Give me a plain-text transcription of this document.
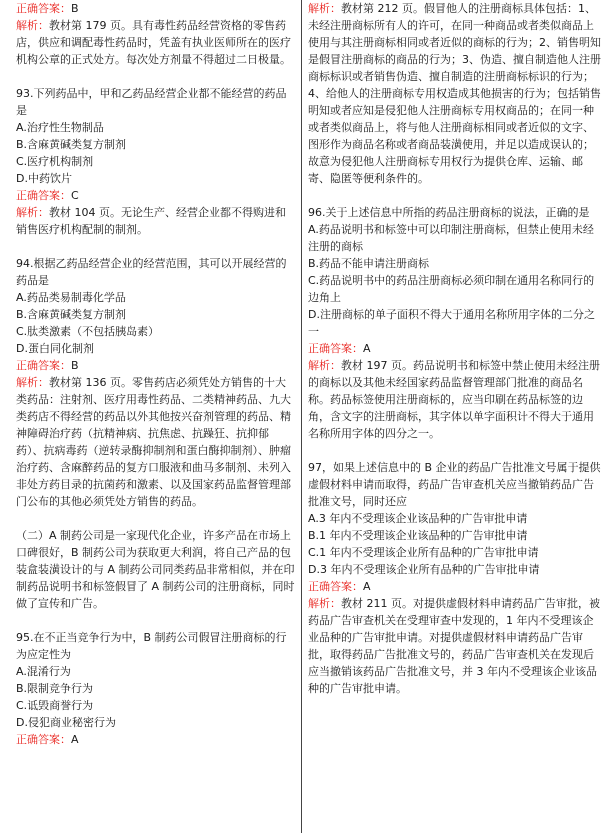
正确答案：B

解析：教材第 179 页。具有毒性药品经营资格的零售药店，供应和调配毒性药品时，凭盖有执业医师所在的医疗机构公章的正式处方。每次处方剂量不得超过二日极量。

93.下列药品中，甲和乙药品经营企业都不能经营的药品是

A.治疗性生物制品

B.含麻黄碱类复方制剂

C.医疗机构制剂

D.中药饮片

正确答案：C

解析：教材 104 页。无论生产、经营企业都不得购进和销售医疗机构配制的制剂。

94.根据乙药品经营企业的经营范围，其可以开展经营的药品是

A.药品类易制毒化学品

B.含麻黄碱类复方制剂

C.肽类激素（不包括胰岛素）

D.蛋白同化制剂

正确答案：B

解析：教材第 136 页。零售药店必须凭处方销售的十大类药品：注射剂、医疗用毒性药品、二类精神药品、九大类药店不得经营的药品以外其他按兴奋剂管理的药品、精神障碍治疗药（抗精神病、抗焦虑、抗躁狂、抗抑郁药）、抗病毒药（逆转录酶抑制剂和蛋白酶抑制剂）、肿瘤治疗药、含麻醉药品的复方口服液和曲马多制剂、未列入非处方药目录的抗菌药和激素、以及国家药品监督管理部门公布的其他必须凭处方销售的药品。

（二）A 制药公司是一家现代化企业，许多产品在市场上口碑很好，B 制药公司为获取更大利润，将自己产品的包装盒装潢设计的与 A 制药公司同类药品非常相似，并在印制药品说明书和标签假冒了 A 制药公司的注册商标，同时做了宣传和广告。

95.在不正当竞争行为中，B 制药公司假冒注册商标的行为应定性为

A.混淆行为

B.限制竞争行为

C.诋毁商誉行为

D.侵犯商业秘密行为

正确答案：A

解析：教材第 212 页。假冒他人的注册商标具体包括：1、未经注册商标所有人的许可，在同一种商品或者类似商品上使用与其注册商标相同或者近似的商标的行为；2、销售明知是假冒注册商标的商品的行为；3、伪造、擅自制造他人注册商标标识或者销售伪造、擅自制造的注册商标标识的行为；4、给他人的注册商标专用权造成其他损害的行为；包括销售明知或者应知是侵犯他人注册商标专用权商品的；在同一种或者类似商品上，将与他人注册商标相同或者近似的文字、图形作为商品名称或者商品装潢使用，并足以造成误认的；故意为侵犯他人注册商标专用权行为提供仓库、运输、邮寄、隐匿等便利条件的。

96.关于上述信息中所指的药品注册商标的说法，正确的是

A.药品说明书和标签中可以印制注册商标，但禁止使用未经注册的商标

B.药品不能申请注册商标

C.药品说明书中的药品注册商标必须印制在通用名称同行的边角上

D.注册商标的单子面积不得大于通用名称所用字体的二分之一

正确答案：A

解析：教材 197 页。药品说明书和标签中禁止使用未经注册的商标以及其他未经国家药品监督管理部门批准的商品名称。药品标签使用注册商标的，应当印刷在药品标签的边角，含文字的注册商标，其字体以单字面积计不得大于通用名称所用字体的四分之一。

97，如果上述信息中的 B 企业的药品广告批准文号属于提供虚假材料申请而取得，药品广告审查机关应当撤销药品广告批准文号，同时还应

A.3 年内不受理该企业该品种的广告审批申请

B.1 年内不受理该企业该品种的广告审批申请

C.1 年内不受理该企业所有品种的广告审批申请

D.3 年内不受理该企业所有品种的广告审批申请

正确答案：A

解析：教材 211 页。对提供虚假材料申请药品广告审批，被药品广告审查机关在受理审查中发现的，1 年内不受理该企业品种的广告审批申请。对提供虚假材料申请药品广告审批，取得药品广告批准文号的，药品广告审查机关在发现后应当撤销该药品广告批准文号，并 3 年内不受理该企业该品种的广告审批申请。
